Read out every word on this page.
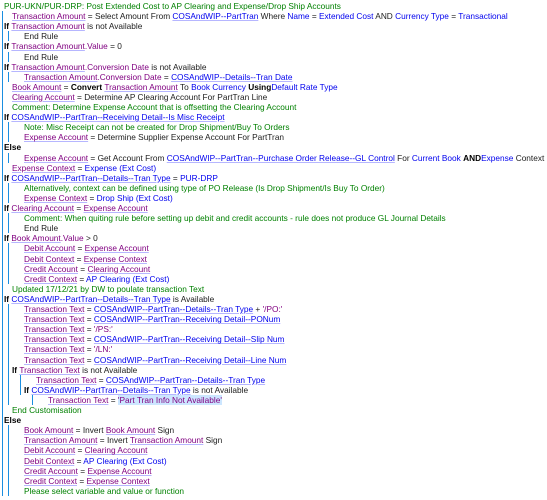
PUR-UKN/PUR-DRP: Post Extended Cost to AP Clearing and Expense/Drop Ship Accounts
Transaction Amount = Select Amount From COSAndWIP--PartTran Where Name = Extended Cost AND Currency Type = Transactional
If Transaction Amount is not Available
End Rule
If Transaction Amount.Value = 0
End Rule
If Transaction Amount.Conversion Date is not Available
Transaction Amount.Conversion Date = COSAndWIP--Details--Tran Date
Book Amount = Convert Transaction Amount To Book Currency UsingDefault Rate Type
Clearing Account = Determine AP Clearing Account For PartTran Line
Comment: Determine Expense Account that is offsetting the Clearing Account
If COSAndWIP--PartTran--Receiving Detail--Is Misc Receipt
Note: Misc Receipt can not be created for Drop Shipment/Buy To Orders
Expense Account = Determine Supplier Expense Account For PartTran
Else
Expense Account = Get Account From COSAndWIP--PartTran--Purchase Order Release--GL Control For Current Book ANDExpense Context
Expense Context = Expense (Ext Cost)
If COSAndWIP--PartTran--Details--Tran Type = PUR-DRP
Alternatively, context can be defined using type of PO Release (Is Drop Shipment/Is Buy To Order)
Expense Context = Drop Ship (Ext Cost)
If Clearing Account = Expense Account
Comment: When quiting rule before setting up debit and credit accounts - rule does not produce GL Journal Details
End Rule
If Book Amount.Value > 0
Debit Account = Expense Account
Debit Context = Expense Context
Credit Account = Clearing Account
Credit Context = AP Clearing (Ext Cost)
Updated 17/12/21 by DW to poulate transaction Text
If COSAndWIP--PartTran--Details--Tran Type is Available
Transaction Text = COSAndWIP--PartTran--Details--Tran Type + '/PO:'
Transaction Text = COSAndWIP--PartTran--Receiving Detail--PONum
Transaction Text = '/PS:'
Transaction Text = COSAndWIP--PartTran--Receiving Detail--Slip Num
Transaction Text = '/LN:'
Transaction Text = COSAndWIP--PartTran--Receiving Detail--Line Num
If Transaction Text is not Available
Transaction Text = COSAndWIP--PartTran--Details--Tran Type
If COSAndWIP--PartTran--Details--Tran Type is not Available
Transaction Text = 'Part Tran Info Not Available'
End Customisation
Else
Book Amount = Invert Book Amount Sign
Transaction Amount = Invert Transaction Amount Sign
Debit Account = Clearing Account
Debit Context = AP Clearing (Ext Cost)
Credit Account = Expense Account
Credit Context = Expense Context
Please select variable and value or function
